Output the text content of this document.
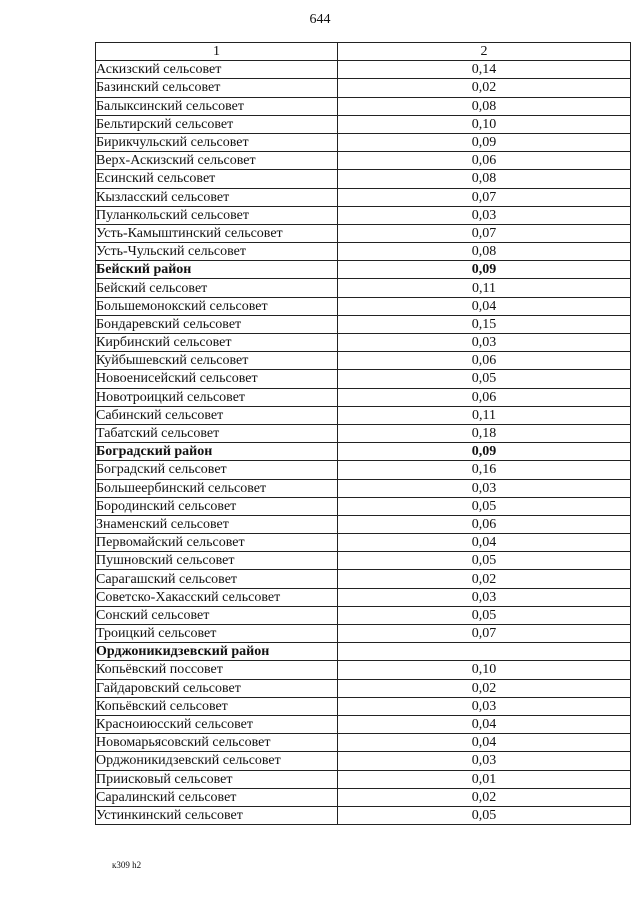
644
1	2
Аскизский сельсовет	0,14
Базинский сельсовет	0,02
Балыксинский сельсовет	0,08
Бельтирский сельсовет	0,10
Бирикчульский сельсовет	0,09
Верх-Аскизский сельсовет	0,06
Есинский сельсовет	0,08
Кызласский сельсовет	0,07
Пуланкольский сельсовет	0,03
Усть-Камыштинский сельсовет	0,07
Усть-Чульский сельсовет	0,08
Бейский район	0,09
Бейский сельсовет	0,11
Большемонокский сельсовет	0,04
Бондаревский сельсовет	0,15
Кирбинский сельсовет	0,03
Куйбышевский сельсовет	0,06
Новоенисейский сельсовет	0,05
Новотроицкий сельсовет	0,06
Сабинский сельсовет	0,11
Табатский сельсовет	0,18
Боградский район	0,09
Боградский сельсовет	0,16
Большеербинский сельсовет	0,03
Бородинский сельсовет	0,05
Знаменский сельсовет	0,06
Первомайский сельсовет	0,04
Пушновский сельсовет	0,05
Сарагашский сельсовет	0,02
Советско-Хакасский сельсовет	0,03
Сонский сельсовет	0,05
Троицкий сельсовет	0,07
Орджоникидзевский район	
Копьёвский поссовет	0,10
Гайдаровский сельсовет	0,02
Копьёвский сельсовет	0,03
Красноиюсский сельсовет	0,04
Новомарьясовский сельсовет	0,04
Орджоникидзевский сельсовет	0,03
Приисковый сельсовет	0,01
Саралинский сельсовет	0,02
Устинкинский сельсовет	0,05
к309 h2
